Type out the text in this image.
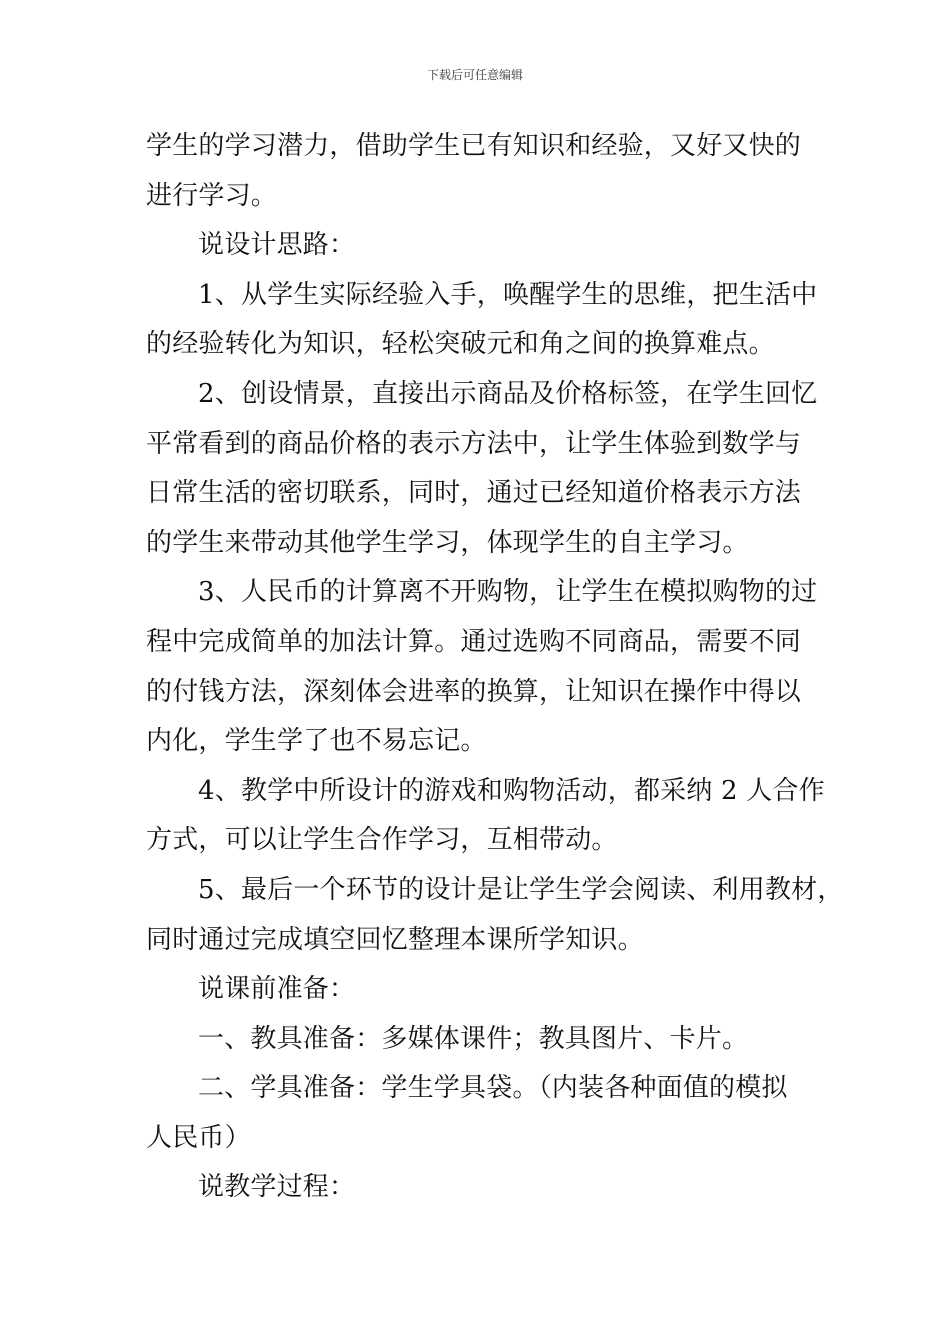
下载后可任意编辑
学生的学习潜力，借助学生已有知识和经验，又好又快的
进行学习。
说设计思路：
1、从学生实际经验入手，唤醒学生的思维，把生活中
的经验转化为知识，轻松突破元和角之间的换算难点。
2、创设情景，直接出示商品及价格标签，在学生回忆
平常看到的商品价格的表示方法中，让学生体验到数学与
日常生活的密切联系，同时，通过已经知道价格表示方法
的学生来带动其他学生学习，体现学生的自主学习。
3、人民币的计算离不开购物，让学生在模拟购物的过
程中完成简单的加法计算。通过选购不同商品，需要不同
的付钱方法，深刻体会进率的换算，让知识在操作中得以
内化，学生学了也不易忘记。
4、教学中所设计的游戏和购物活动，都采纳 2 人合作
方式，可以让学生合作学习，互相带动。
5、最后一个环节的设计是让学生学会阅读、利用教材，
同时通过完成填空回忆整理本课所学知识。
说课前准备：
一、教具准备：多媒体课件；教具图片、卡片。
二、学具准备：学生学具袋。（内装各种面值的模拟
人民币）
说教学过程：
